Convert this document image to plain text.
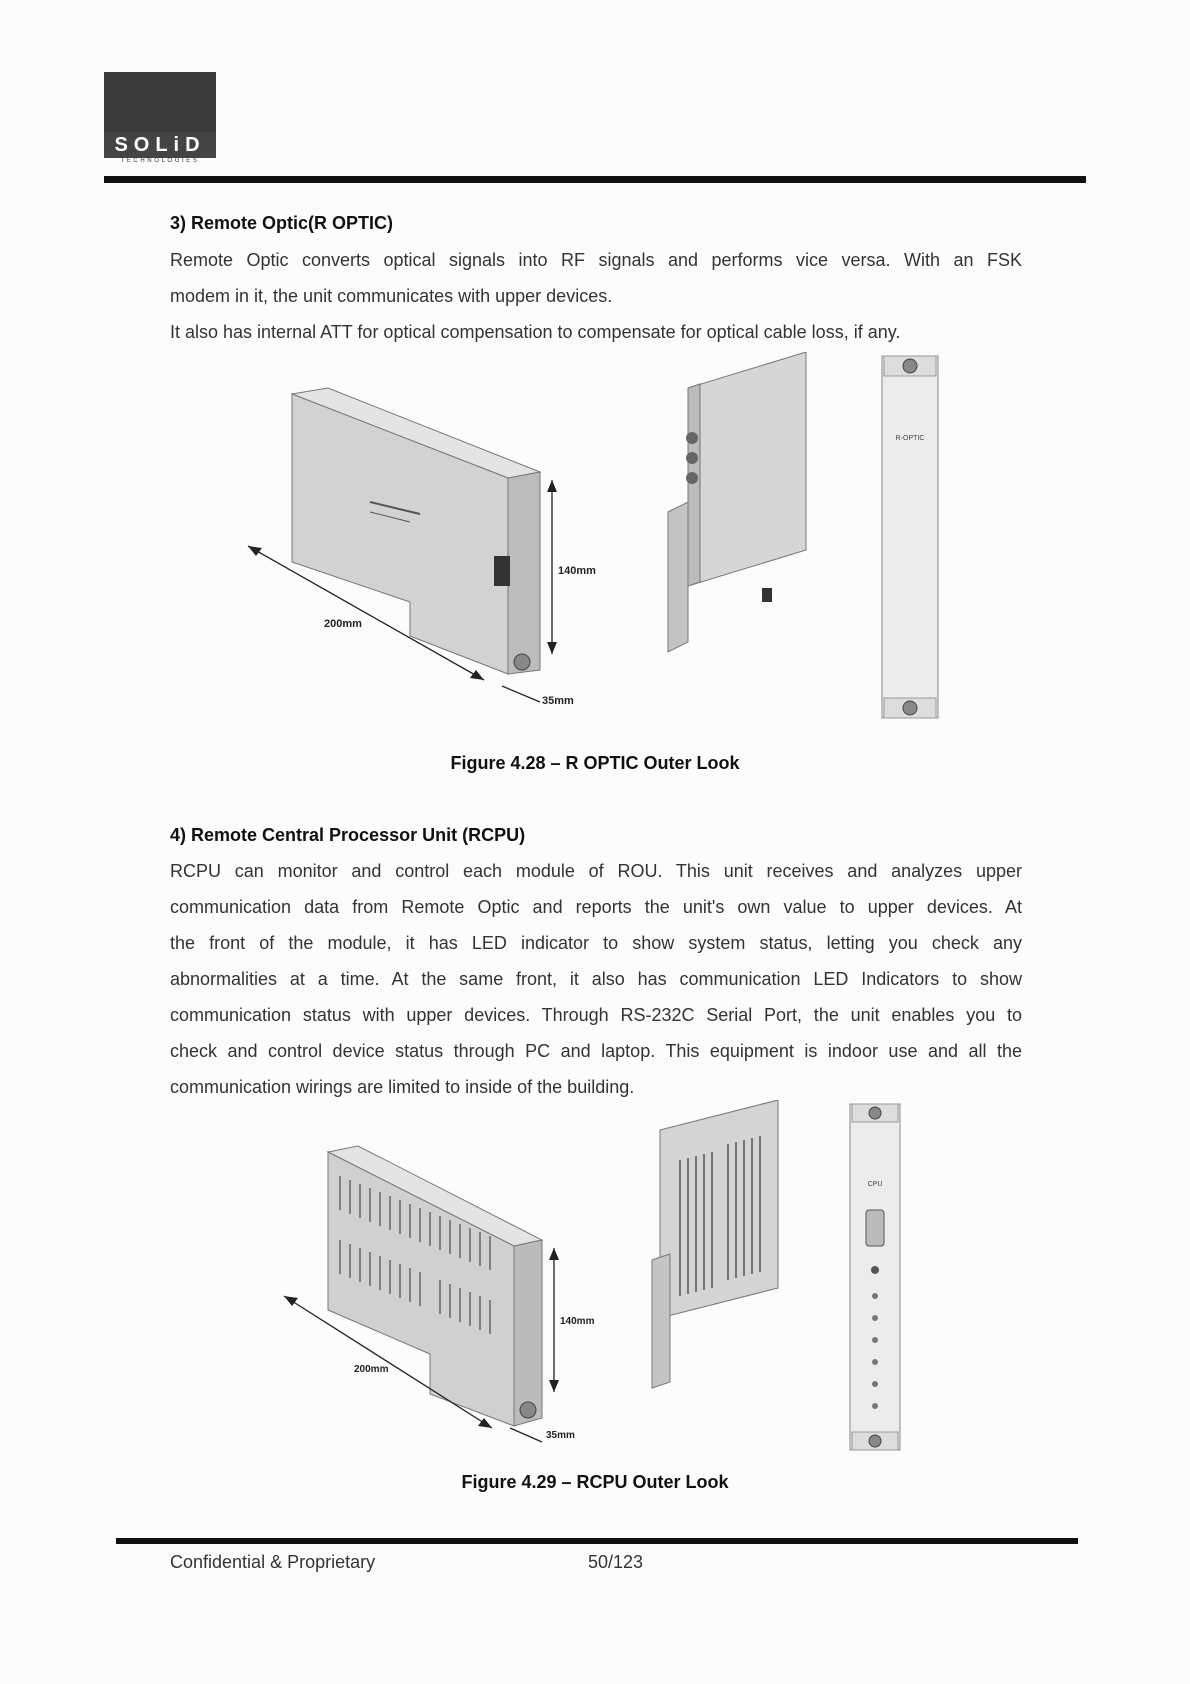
SOLiD
TECHNOLOGIES
3) Remote Optic(R OPTIC)
Remote Optic converts optical signals into RF signals and performs vice versa. With an FSK
modem in it, the unit communicates with upper devices.
It also has internal ATT for optical compensation to compensate for optical cable loss, if any.
200mm
140mm
35mm
R-OPTIC
Figure 4.28 – R OPTIC Outer Look
4) Remote Central Processor Unit (RCPU)
RCPU can monitor and control each module of ROU. This unit receives and analyzes upper
communication data from Remote Optic and reports the unit's own value to upper devices. At
the front of the module, it has LED indicator to show system status, letting you check any
abnormalities at a time. At the same front, it also has communication LED Indicators to show
communication status with upper devices. Through RS-232C Serial Port, the unit enables you to
check and control device status through PC and laptop. This equipment is indoor use and all the
communication wirings are limited to inside of the building.
200mm
140mm
35mm
CPU
Figure 4.29 – RCPU Outer Look
Confidential & Proprietary	50/123
